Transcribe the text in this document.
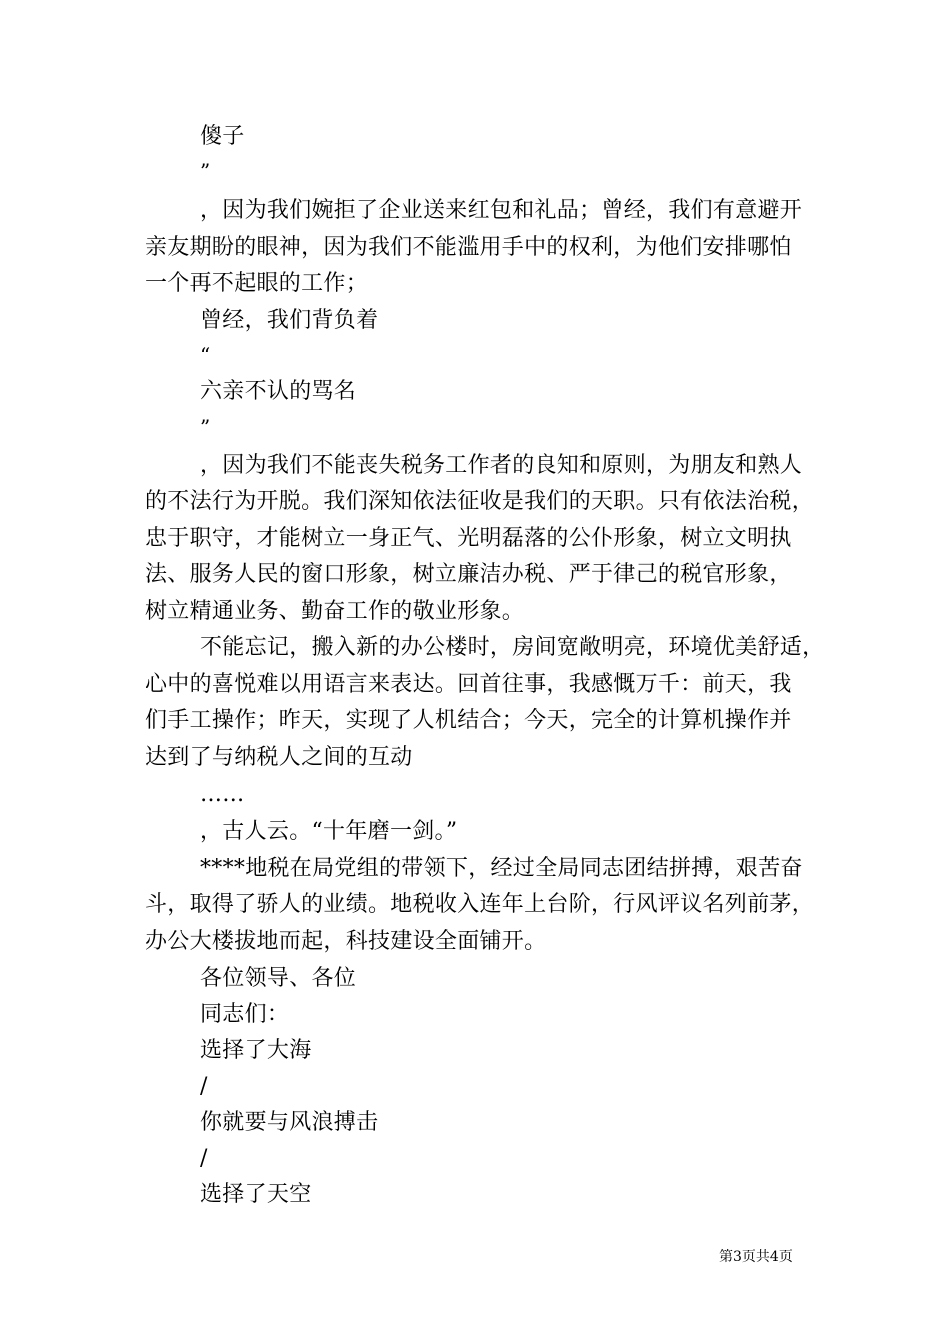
傻子
”
，因为我们婉拒了企业送来红包和礼品；曾经，我们有意避开
亲友期盼的眼神，因为我们不能滥用手中的权利，为他们安排哪怕
一个再不起眼的工作；
曾经，我们背负着
“
六亲不认的骂名
”
，因为我们不能丧失税务工作者的良知和原则，为朋友和熟人
的不法行为开脱。我们深知依法征收是我们的天职。只有依法治税，
忠于职守，才能树立一身正气、光明磊落的公仆形象，树立文明执
法、服务人民的窗口形象，树立廉洁办税、严于律己的税官形象，
树立精通业务、勤奋工作的敬业形象。
不能忘记，搬入新的办公楼时，房间宽敞明亮，环境优美舒适，
心中的喜悦难以用语言来表达。回首往事，我感慨万千：前天，我
们手工操作；昨天，实现了人机结合；今天，完全的计算机操作并
达到了与纳税人之间的互动
……
，古人云。“十年磨一剑。”
****地税在局党组的带领下，经过全局同志团结拼搏，艰苦奋
斗，取得了骄人的业绩。地税收入连年上台阶，行风评议名列前茅，
办公大楼拔地而起，科技建设全面铺开。
各位领导、各位
同志们：
选择了大海
/
你就要与风浪搏击
/
选择了天空
第3页共4页
